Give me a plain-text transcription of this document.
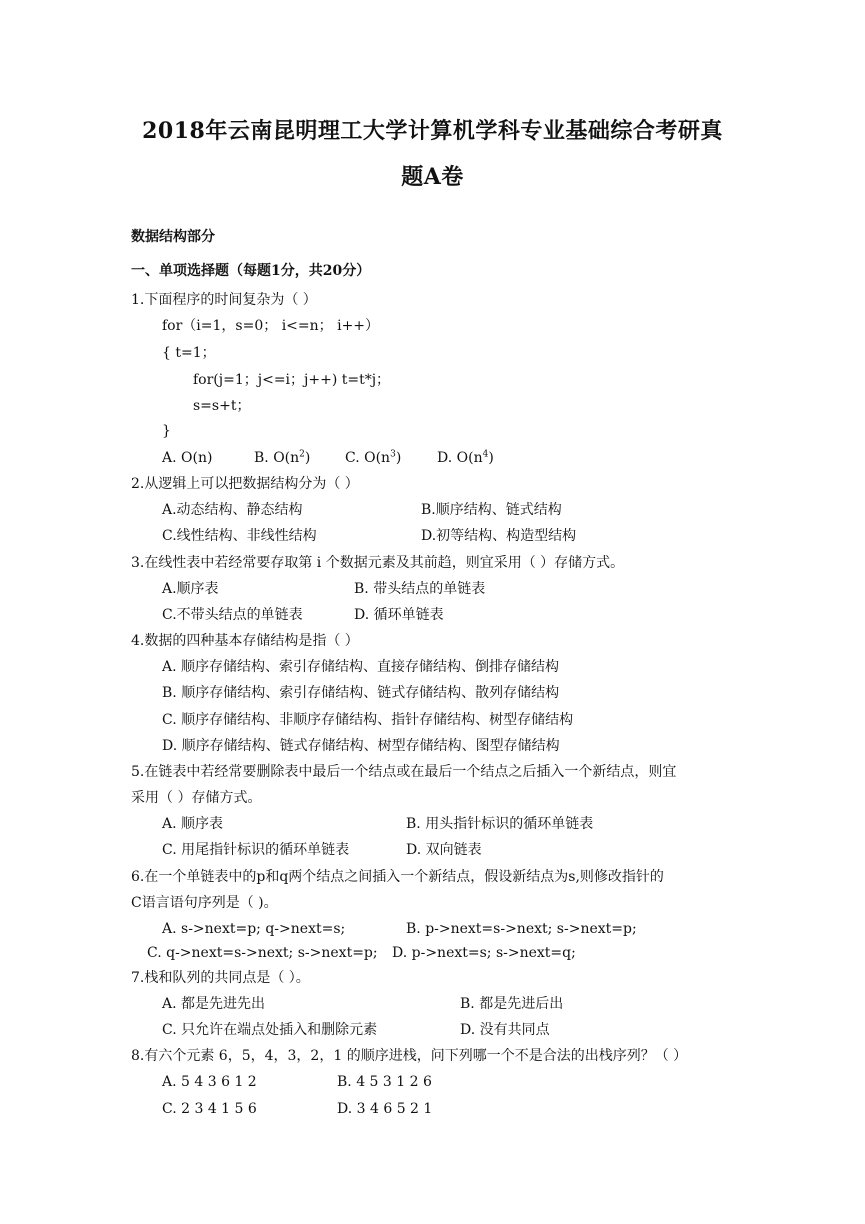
2018年云南昆明理工大学计算机学科专业基础综合考研真
题A卷
数据结构部分
一、单项选择题（每题1分，共20分）
1.下面程序的时间复杂为（ ）
for（i=1，s=0； i<=n； i++）
{ t=1；
for(j=1；j<=i；j++) t=t*j；
s=s+t；
}
A. O(n)	B. $O(n^2)$ C. $O(n^3)$	D. $O(n^4)$
2.从逻辑上可以把数据结构分为（ ）
A.动态结构、静态结构	B.顺序结构、链式结构
C.线性结构、非线性结构	D.初等结构、构造型结构
3.在线性表中若经常要存取第 i 个数据元素及其前趋，则宜采用（ ）存储方式。
A.顺序表	B. 带头结点的单链表
C.不带头结点的单链表	D. 循环单链表
4.数据的四种基本存储结构是指（ ）
A. 顺序存储结构、索引存储结构、直接存储结构、倒排存储结构
B. 顺序存储结构、索引存储结构、链式存储结构、散列存储结构
C. 顺序存储结构、非顺序存储结构、指针存储结构、树型存储结构
D. 顺序存储结构、链式存储结构、树型存储结构、图型存储结构
5.在链表中若经常要删除表中最后一个结点或在最后一个结点之后插入一个新结点，则宜
采用（ ）存储方式。
A. 顺序表	B. 用头指针标识的循环单链表
C. 用尾指针标识的循环单链表	D. 双向链表
6.在一个单链表中的p和q两个结点之间插入一个新结点，假设新结点为s,则修改指针的
C语言语句序列是（ )。
A. s->next=p; q->next=s;	B. p->next=s->next; s->next=p;
C. q->next=s->next; s->next=p; D. p->next=s; s->next=q;
7.栈和队列的共同点是（ ）。
A. 都是先进先出	B. 都是先进后出
C. 只允许在端点处插入和删除元素	D. 没有共同点
8.有六个元素 6，5，4，3，2，1 的顺序进栈，问下列哪一个不是合法的出栈序列？（ ）
A. 5 4 3 6 1 2	B. 4 5 3 1 2 6
C. 2 3 4 1 5 6	D. 3 4 6 5 2 1
